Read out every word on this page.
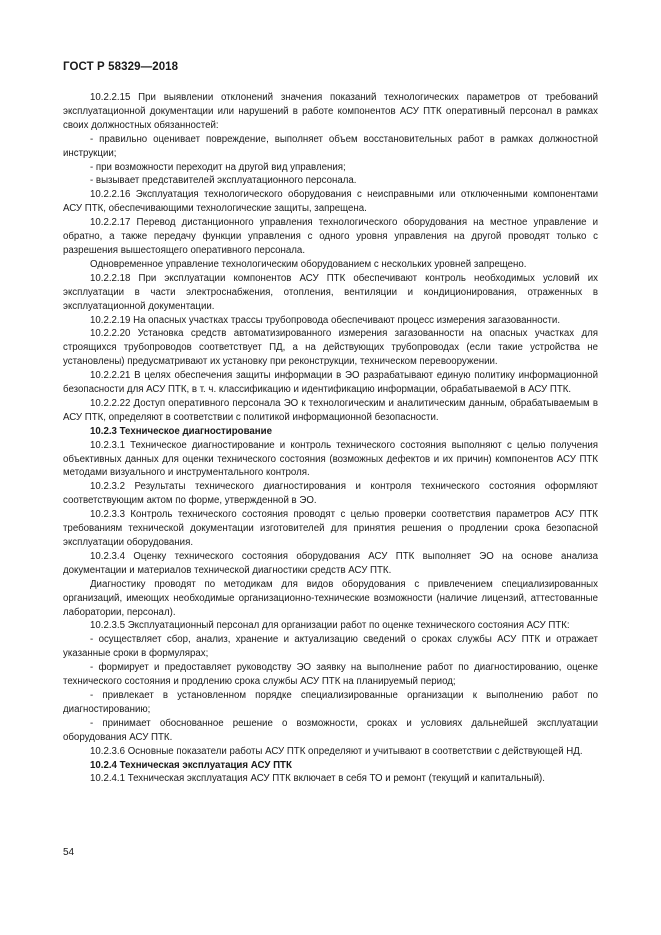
ГОСТ Р 58329—2018

10.2.2.15 При выявлении отклонений значения показаний технологических параметров от требований эксплуатационной документации или нарушений в работе компонентов АСУ ПТК оперативный персонал в рамках своих должностных обязанностей:

- правильно оценивает повреждение, выполняет объем восстановительных работ в рамках должностной инструкции;

- при возможности переходит на другой вид управления;

- вызывает представителей эксплуатационного персонала.

10.2.2.16 Эксплуатация технологического оборудования с неисправными или отключенными компонентами АСУ ПТК, обеспечивающими технологические защиты, запрещена.

10.2.2.17 Перевод дистанционного управления технологического оборудования на местное управление и обратно, а также передачу функции управления с одного уровня управления на другой проводят только с разрешения вышестоящего оперативного персонала.

Одновременное управление технологическим оборудованием с нескольких уровней запрещено.

10.2.2.18 При эксплуатации компонентов АСУ ПТК обеспечивают контроль необходимых условий их эксплуатации в части электроснабжения, отопления, вентиляции и кондиционирования, отраженных в эксплуатационной документации.

10.2.2.19 На опасных участках трассы трубопровода обеспечивают процесс измерения загазованности.

10.2.2.20 Установка средств автоматизированного измерения загазованности на опасных участках для строящихся трубопроводов соответствует ПД, а на действующих трубопроводах (если такие устройства не установлены) предусматривают их установку при реконструкции, техническом перевооружении.

10.2.2.21 В целях обеспечения защиты информации в ЭО разрабатывают единую политику информационной безопасности для АСУ ПТК, в т. ч. классификацию и идентификацию информации, обрабатываемой в АСУ ПТК.

10.2.2.22 Доступ оперативного персонала ЭО к технологическим и аналитическим данным, обрабатываемым в АСУ ПТК, определяют в соответствии с политикой информационной безопасности.

10.2.3 Техническое диагностирование

10.2.3.1 Техническое диагностирование и контроль технического состояния выполняют с целью получения объективных данных для оценки технического состояния (возможных дефектов и их причин) компонентов АСУ ПТК методами визуального и инструментального контроля.

10.2.3.2 Результаты технического диагностирования и контроля технического состояния оформляют соответствующим актом по форме, утвержденной в ЭО.

10.2.3.3 Контроль технического состояния проводят с целью проверки соответствия параметров АСУ ПТК требованиям технической документации изготовителей для принятия решения о продлении срока безопасной эксплуатации оборудования.

10.2.3.4 Оценку технического состояния оборудования АСУ ПТК выполняет ЭО на основе анализа документации и материалов технической диагностики средств АСУ ПТК.

Диагностику проводят по методикам для видов оборудования с привлечением специализированных организаций, имеющих необходимые организационно-технические возможности (наличие лицензий, аттестованные лаборатории, персонал).

10.2.3.5 Эксплуатационный персонал для организации работ по оценке технического состояния АСУ ПТК:

- осуществляет сбор, анализ, хранение и актуализацию сведений о сроках службы АСУ ПТК и отражает указанные сроки в формулярах;

- формирует и предоставляет руководству ЭО заявку на выполнение работ по диагностированию, оценке технического состояния и продлению срока службы АСУ ПТК на планируемый период;

- привлекает в установленном порядке специализированные организации к выполнению работ по диагностированию;

- принимает обоснованное решение о возможности, сроках и условиях дальнейшей эксплуатации оборудования АСУ ПТК.

10.2.3.6 Основные показатели работы АСУ ПТК определяют и учитывают в соответствии с действующей НД.

10.2.4 Техническая эксплуатация АСУ ПТК

10.2.4.1 Техническая эксплуатация АСУ ПТК включает в себя ТО и ремонт (текущий и капитальный).

54
